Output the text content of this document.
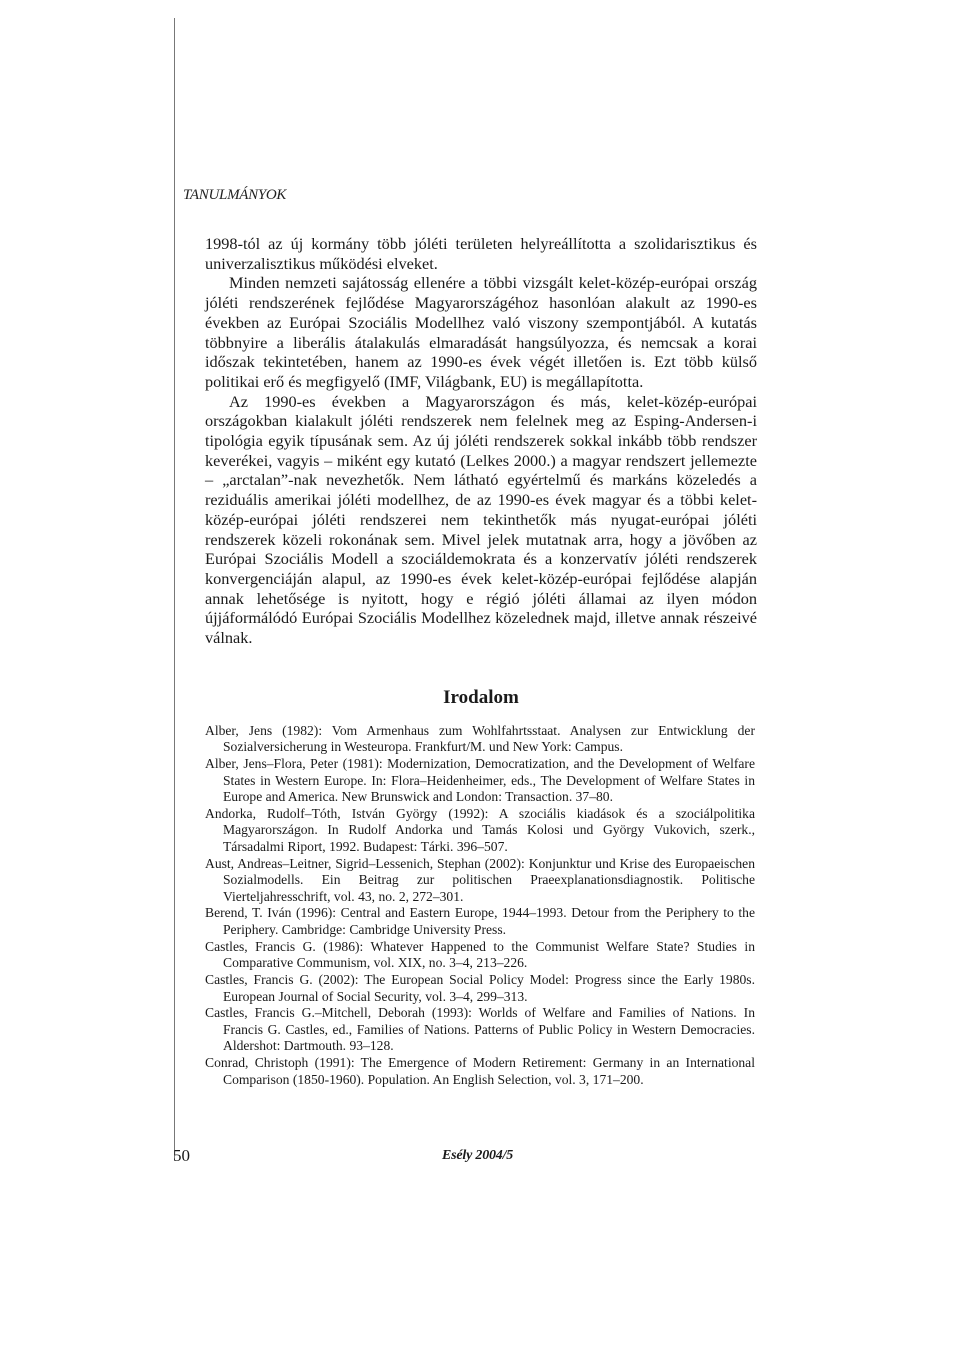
TANULMÁNYOK

1998-tól az új kormány több jóléti területen helyreállította a szolidarisztikus és univerzalisztikus működési elveket.

Minden nemzeti sajátosság ellenére a többi vizsgált kelet-közép-európai ország jóléti rendszerének fejlődése Magyarországéhoz hasonlóan alakult az 1990-es években az Európai Szociális Modellhez való viszony szempontjából. A kutatás többnyire a liberális átalakulás elmaradását hangsúlyozza, és nemcsak a korai időszak tekintetében, hanem az 1990-es évek végét illetően is. Ezt több külső politikai erő és megfigyelő (IMF, Világbank, EU) is megállapította.

Az 1990-es években a Magyarországon és más, kelet-közép-európai országokban kialakult jóléti rendszerek nem felelnek meg az Esping-Andersen-i tipológia egyik típusának sem. Az új jóléti rendszerek sokkal inkább több rendszer keverékei, vagyis – miként egy kutató (Lelkes 2000.) a magyar rendszert jellemezte – „arctalan”-nak nevezhetők. Nem látható egyértelmű és markáns közeledés a reziduális amerikai jóléti modellhez, de az 1990-es évek magyar és a többi kelet-közép-európai jóléti rendszerei nem tekinthetők más nyugat-európai jóléti rendszerek közeli rokonának sem. Mivel jelek mutatnak arra, hogy a jövőben az Európai Szociális Modell a szociáldemokrata és a konzervatív jóléti rendszerek konvergenciáján alapul, az 1990-es évek kelet-közép-európai fejlődése alapján annak lehetősége is nyitott, hogy e régió jóléti államai az ilyen módon újjáformálódó Európai Szociális Modellhez közelednek majd, illetve annak részeivé válnak.

Irodalom
Alber, Jens (1982): Vom Armenhaus zum Wohlfahrtsstaat. Analysen zur Entwicklung der Sozialversicherung in Westeuropa. Frankfurt/M. und New York: Campus.
Alber, Jens–Flora, Peter (1981): Modernization, Democratization, and the Development of Welfare States in Western Europe. In: Flora–Heidenheimer, eds., The Development of Welfare States in Europe and America. New Brunswick and London: Transaction. 37–80.
Andorka, Rudolf–Tóth, István György (1992): A szociális kiadások és a szociálpolitika Magyarországon. In Rudolf Andorka und Tamás Kolosi und György Vukovich, szerk., Társadalmi Riport, 1992. Budapest: Tárki. 396–507.
Aust, Andreas–Leitner, Sigrid–Lessenich, Stephan (2002): Konjunktur und Krise des Europaeischen Sozialmodells. Ein Beitrag zur politischen Praeexplanationsdiagnostik. Politische Vierteljahresschrift, vol. 43, no. 2, 272–301.
Berend, T. Iván (1996): Central and Eastern Europe, 1944–1993. Detour from the Periphery to the Periphery. Cambridge: Cambridge University Press.
Castles, Francis G. (1986): Whatever Happened to the Communist Welfare State? Studies in Comparative Communism, vol. XIX, no. 3–4, 213–226.
Castles, Francis G. (2002): The European Social Policy Model: Progress since the Early 1980s. European Journal of Social Security, vol. 3–4, 299–313.
Castles, Francis G.–Mitchell, Deborah (1993): Worlds of Welfare and Families of Nations. In Francis G. Castles, ed., Families of Nations. Patterns of Public Policy in Western Democracies. Aldershot: Dartmouth. 93–128.
Conrad, Christoph (1991): The Emergence of Modern Retirement: Germany in an International Comparison (1850-1960). Population. An English Selection, vol. 3, 171–200.
50	Esély 2004/5
